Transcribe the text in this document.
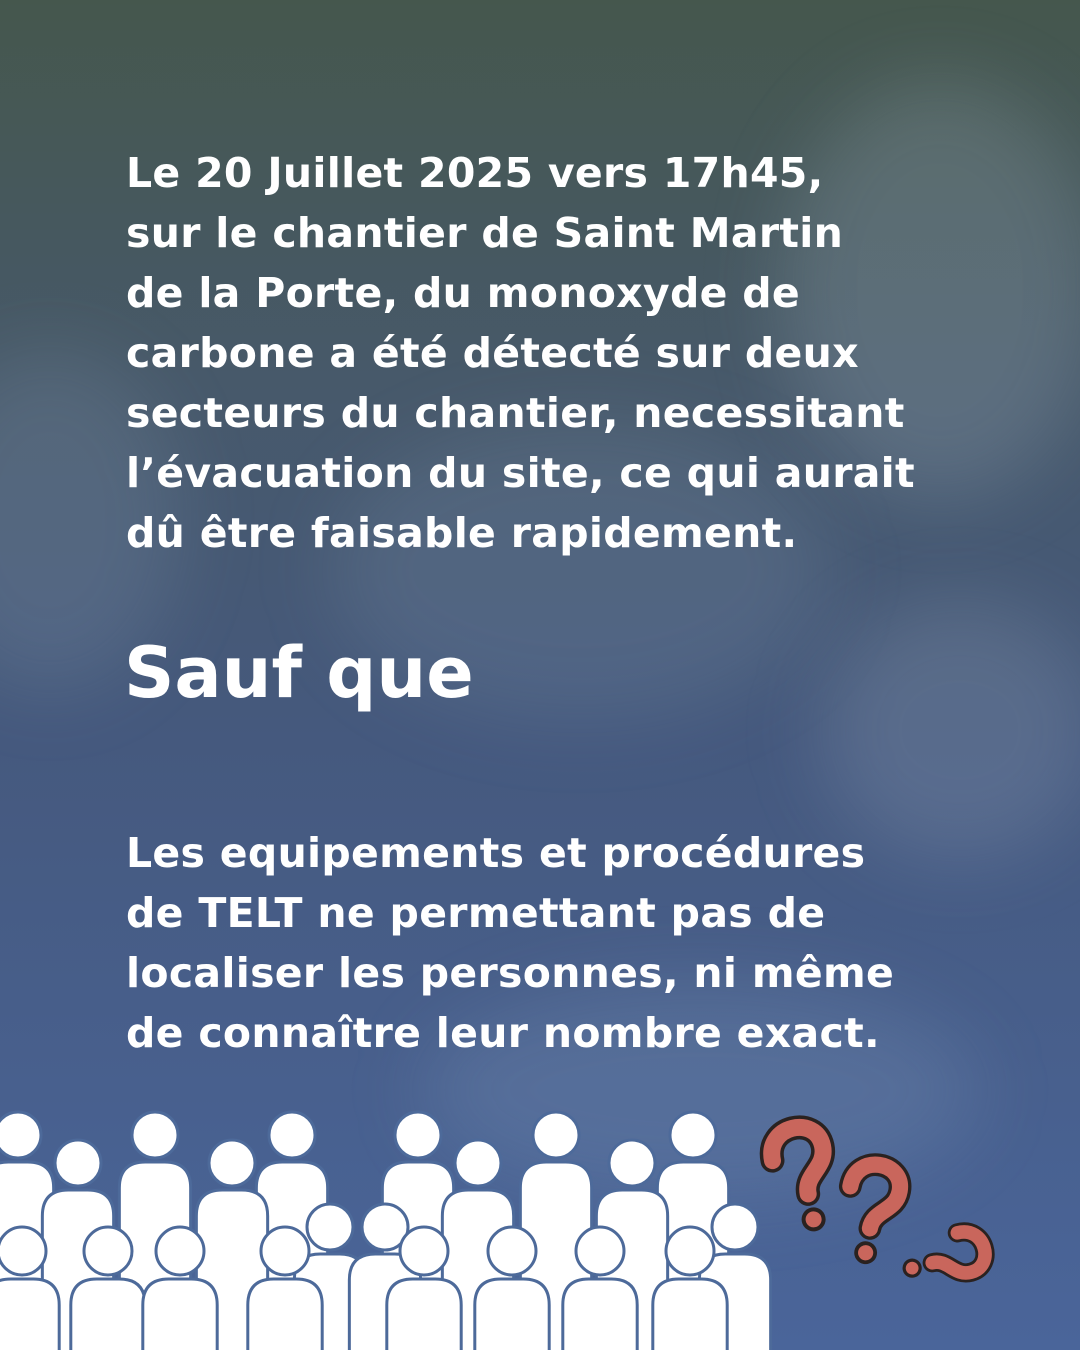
Le 20 Juillet 2025 vers 17h45,
sur le chantier de Saint Martin
de la Porte, du monoxyde de
carbone a été détecté sur deux
secteurs du chantier, necessitant
l’évacuation du site, ce qui aurait
dû être faisable rapidement.

Sauf que

Les equipements et procédures
de TELT ne permettant pas de
localiser les personnes, ni même
de connaître leur nombre exact.
